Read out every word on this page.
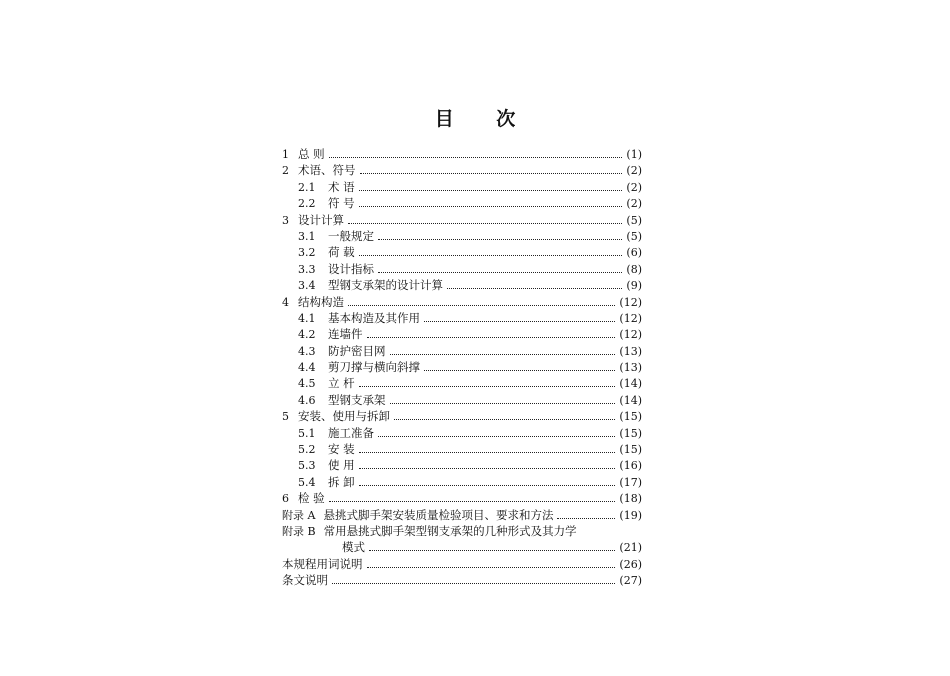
目 次
1 总 则	(1)
2 术语、符号	(2)
2.1	术 语	(2)
2.2	符 号	(2)
3 设计计算	(5)
3.1	一般规定	(5)
3.2	荷 载	(6)
3.3	设计指标	(8)
3.4	型钢支承架的设计计算	(9)
4 结构构造	(12)
4.1	基本构造及其作用	(12)
4.2	连墙件	(12)
4.3	防护密目网	(13)
4.4	剪刀撑与横向斜撑	(13)
4.5	立 杆	(14)
4.6	型钢支承架	(14)
5 安装、使用与拆卸	(15)
5.1	施工准备	(15)
5.2	安 装	(15)
5.3	使 用	(16)
5.4	拆 卸	(17)
6 检 验	(18)
附录 A 悬挑式脚手架安装质量检验项目、要求和方法	(19)
附录 B 常用悬挑式脚手架型钢支承架的几种形式及其力学
模式	(21)
本规程用词说明	(26)
条文说明	(27)
